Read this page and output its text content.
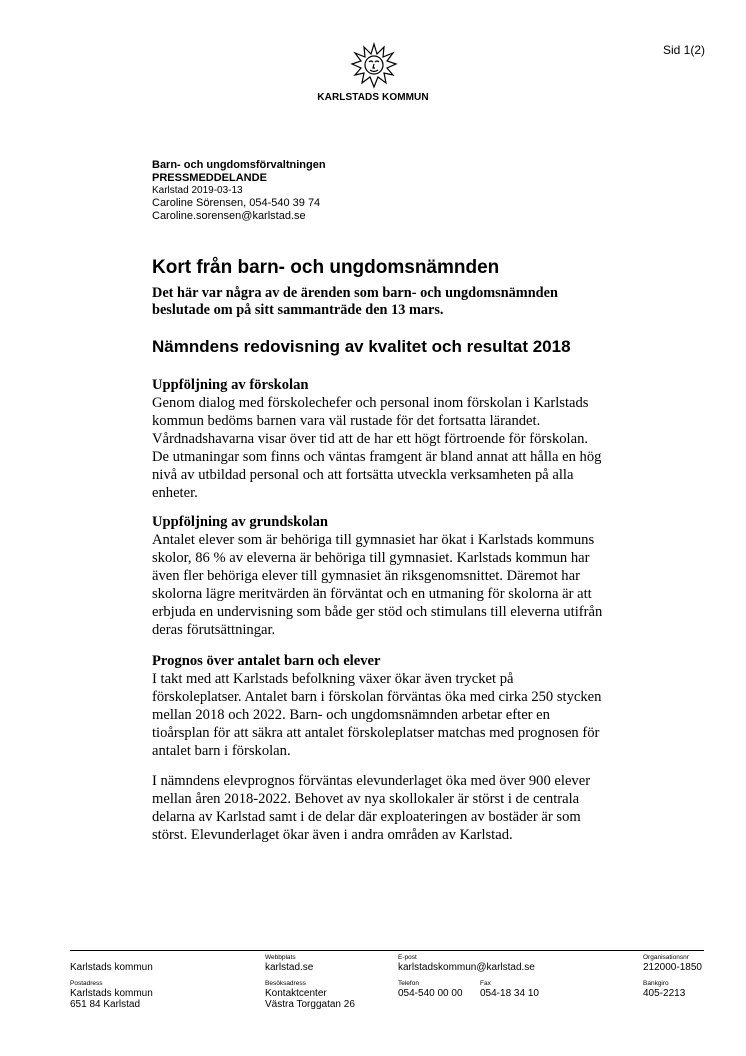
Sid 1(2)
KARLSTADS KOMMUN
Barn- och ungdomsförvaltningen
PRESSMEDDELANDE
Karlstad 2019-03-13
Caroline Sörensen, 054-540 39 74
Caroline.sorensen@karlstad.se
Kort från barn- och ungdomsnämnden
Det här var några av de ärenden som barn- och ungdomsnämnden
beslutade om på sitt sammanträde den 13 mars.
Nämndens redovisning av kvalitet och resultat 2018
Uppföljning av förskolan
Genom dialog med förskolechefer och personal inom förskolan i Karlstads
kommun bedöms barnen vara väl rustade för det fortsatta lärandet.
Vårdnadshavarna visar över tid att de har ett högt förtroende för förskolan.
De utmaningar som finns och väntas framgent är bland annat att hålla en hög
nivå av utbildad personal och att fortsätta utveckla verksamheten på alla
enheter.
Uppföljning av grundskolan
Antalet elever som är behöriga till gymnasiet har ökat i Karlstads kommuns
skolor, 86 % av eleverna är behöriga till gymnasiet. Karlstads kommun har
även fler behöriga elever till gymnasiet än riksgenomsnittet. Däremot har
skolorna lägre meritvärden än förväntat och en utmaning för skolorna är att
erbjuda en undervisning som både ger stöd och stimulans till eleverna utifrån
deras förutsättningar.
Prognos över antalet barn och elever
I takt med att Karlstads befolkning växer ökar även trycket på
förskoleplatser. Antalet barn i förskolan förväntas öka med cirka 250 stycken
mellan 2018 och 2022. Barn- och ungdomsnämnden arbetar efter en
tioårsplan för att säkra att antalet förskoleplatser matchas med prognosen för
antalet barn i förskolan.
I nämndens elevprognos förväntas elevunderlaget öka med över 900 elever
mellan åren 2018-2022. Behovet av nya skollokaler är störst i de centrala
delarna av Karlstad samt i de delar där exploateringen av bostäder är som
störst. Elevunderlaget ökar även i andra områden av Karlstad.
Karlstads kommun
Webbplats
karlstad.se
E-post
karlstadskommun@karlstad.se
Organisationsnr
212000-1850
Postadress
Karlstads kommun
651 84 Karlstad
Besöksadress
Kontaktcenter
Västra Torggatan 26
Telefon
054-540 00 00
Fax
054-18 34 10
Bankgiro
405-2213
